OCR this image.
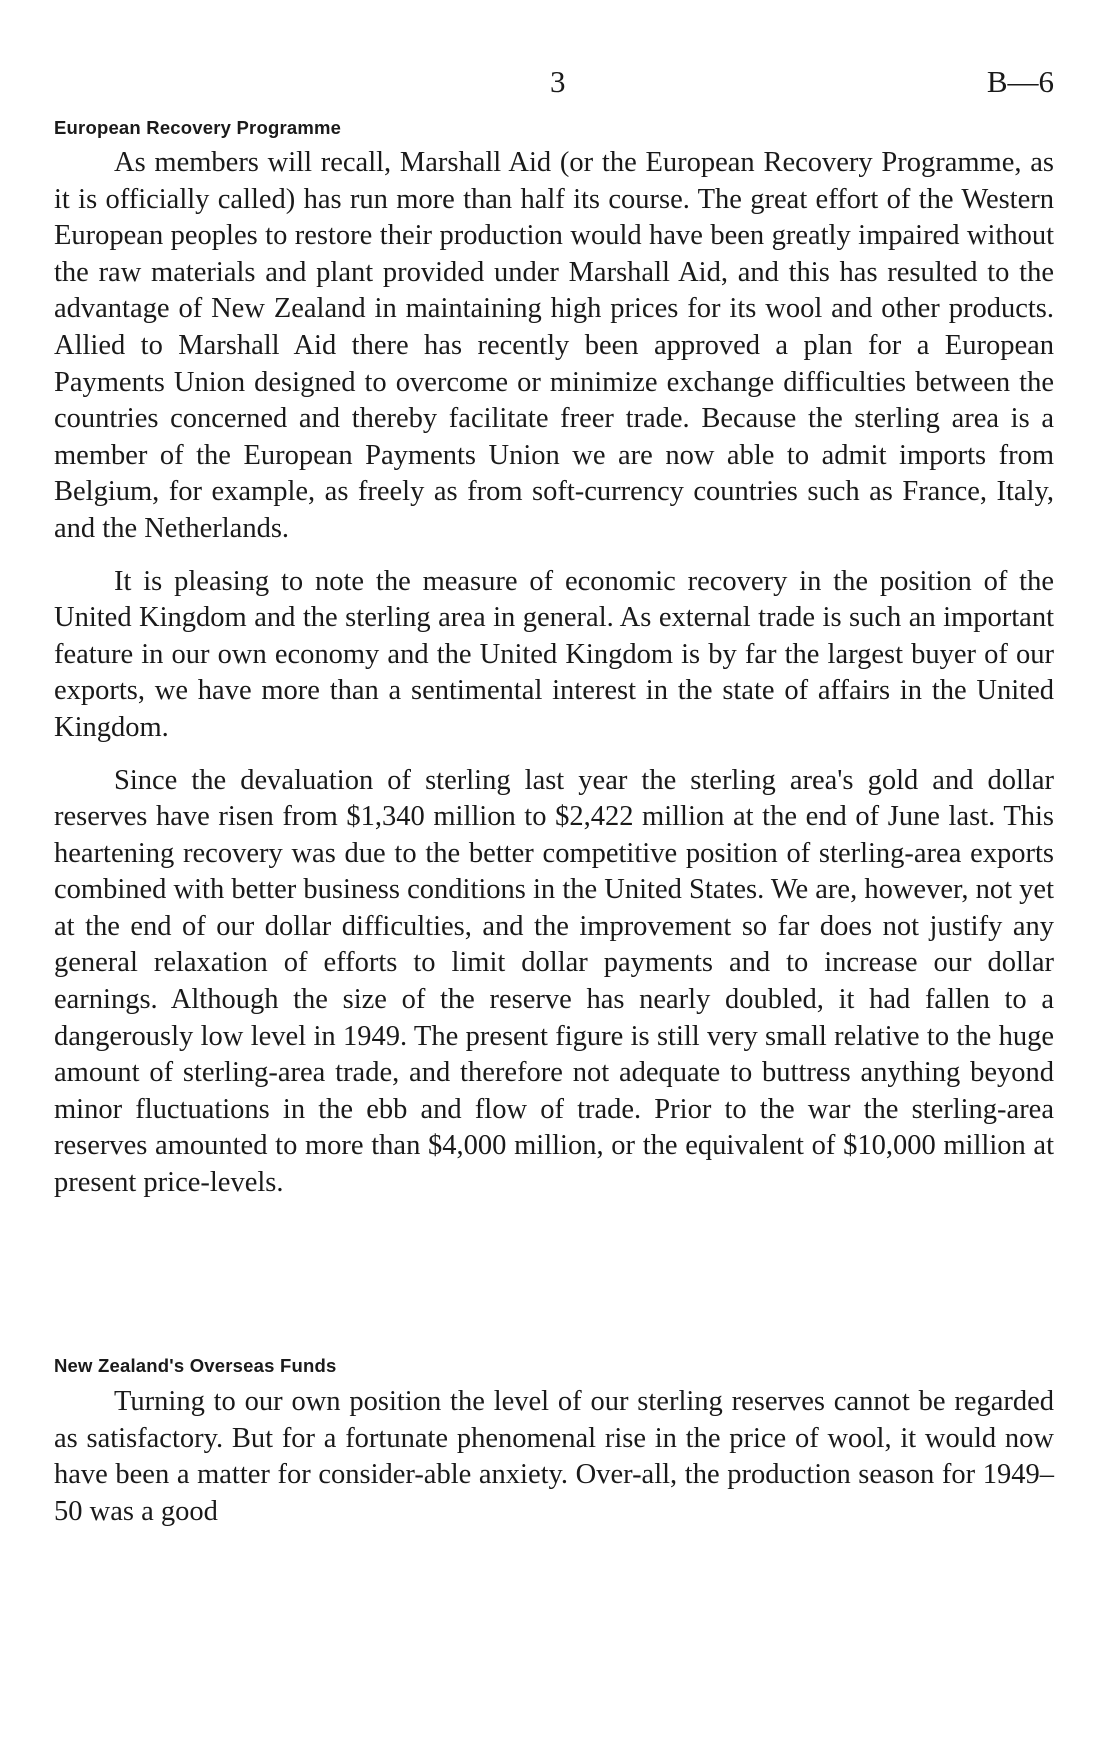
3	B—6
European Recovery Programme

As members will recall, Marshall Aid (or the European Recovery Programme, as it is officially called) has run more than half its course. The great effort of the Western European peoples to restore their production would have been greatly impaired without the raw materials and plant provided under Marshall Aid, and this has resulted to the advantage of New Zealand in maintaining high prices for its wool and other products. Allied to Marshall Aid there has recently been approved a plan for a European Payments Union designed to overcome or minimize exchange difficulties between the countries concerned and thereby facilitate freer trade. Because the sterling area is a member of the European Payments Union we are now able to admit imports from Belgium, for example, as freely as from soft-currency countries such as France, Italy, and the Netherlands.

It is pleasing to note the measure of economic recovery in the position of the United Kingdom and the sterling area in general. As external trade is such an important feature in our own economy and the United Kingdom is by far the largest buyer of our exports, we have more than a sentimental interest in the state of affairs in the United Kingdom.

Since the devaluation of sterling last year the sterling area's gold and dollar reserves have risen from $1,340 million to $2,422 million at the end of June last. This heartening recovery was due to the better competitive position of sterling-area exports combined with better business conditions in the United States. We are, however, not yet at the end of our dollar difficulties, and the improvement so far does not justify any general relaxation of efforts to limit dollar payments and to increase our dollar earnings. Although the size of the reserve has nearly doubled, it had fallen to a dangerously low level in 1949. The present figure is still very small relative to the huge amount of sterling-area trade, and therefore not adequate to buttress anything beyond minor fluctuations in the ebb and flow of trade. Prior to the war the sterling-area reserves amounted to more than $4,000 million, or the equivalent of $10,000 million at present price-levels.

New Zealand's Overseas Funds

Turning to our own position the level of our sterling reserves cannot be regarded as satisfactory. But for a fortunate phenomenal rise in the price of wool, it would now have been a matter for consider-able anxiety. Over-all, the production season for 1949–50 was a good
